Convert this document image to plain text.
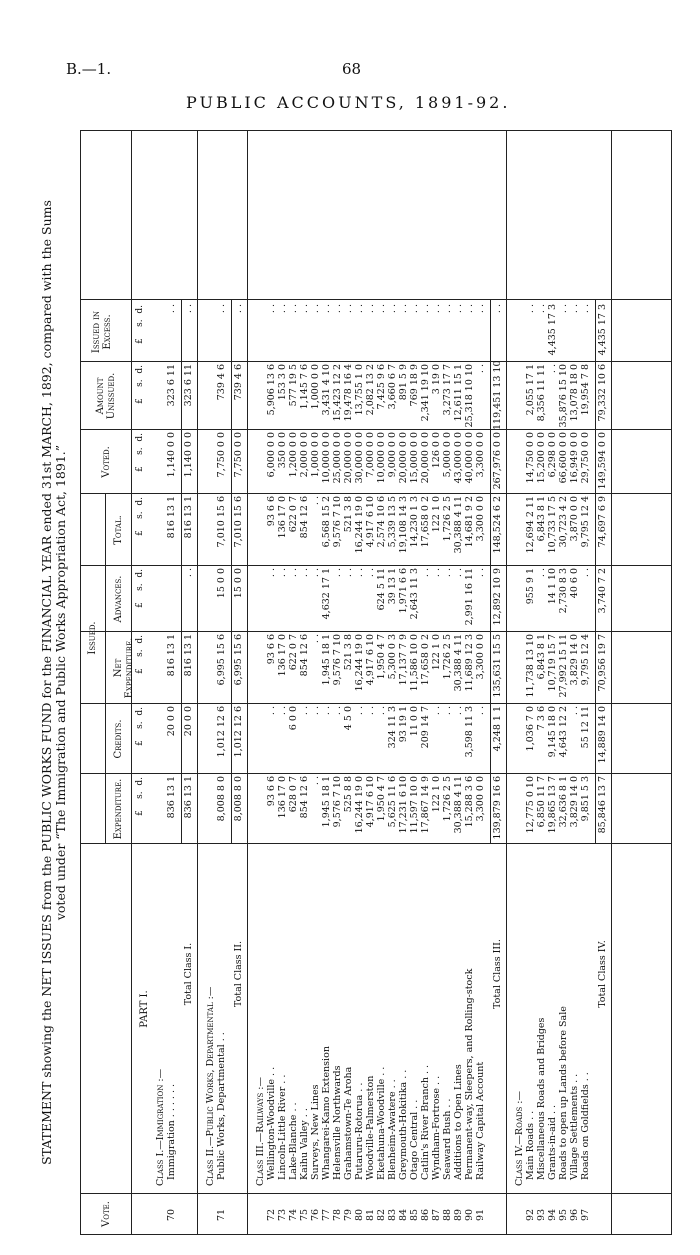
B.—1.	68
PUBLIC ACCOUNTS, 1891-92.
STATEMENT showing the NET ISSUES from the PUBLIC WORKS FUND for the FINANCIAL YEAR ended 31st MARCH, 1892, compared with the Sums voted under “The Immigration and Public Works Appropriation Act, 1891.”
Vote.
Issued.
Expenditure.
Credits.
Net Expenditure.
Advances.
Total.
Voted.
Amount Unissued.
Issued in Excess.
PART I.
£    s.  d.
£    s.  d.
£    s.  d.
£    s.  d.
£    s.  d.
£    s.  d.
£    s.  d.
£    s.  d.
Class I.—Immigration :—
70
Immigration . . . . . .
836 13 1
20 0 0
816 13 1
816 13 1
1,140 0 0
323 6 11
. .
Total Class I.
836 13 1
20 0 0
816 13 1
. .
816 13 1
1,140 0 0
323 6 11
. .
Class II.—Public Works, Departmental :—
71
Public Works, Departmental . .
8,008 8 0
1,012 12 6
6,995 15 6
15 0 0
7,010 15 6
7,750 0 0
739 4 6
. .
Total Class II.
8,008 8 0
1,012 12 6
6,995 15 6
15 0 0
7,010 15 6
7,750 0 0
739 4 6
. .
Class III.—Railways :—
72
Wellington-Woodville . .
93 6 6
. .
93 6 6
. .
93 6 6
6,000 0 0
5,906 13 6
. .
73
Lincoln-Little River . .
136 17 0
. .
136 17 0
. .
136 17 0
350 0 0
153 3 0
. .
74
Lake-Blanche . .
628 0 7
6 0 0
622 0 7
. .
622 0 7
1,200 0 0
577 19 5
. .
75
Kaihu Valley . .
854 12 6
. .
854 12 6
. .
854 12 6
2,000 0 0
1,145 7 6
. .
76
Surveys, New Lines
. .
. .
. .
. .
. .
1,000 0 0
1,000 0 0
. .
77
Whangarei-Kamo Extension
1,945 18 1
. .
1,945 18 1
4,632 17 1
6,568 15 2
10,000 0 0
3,431 4 10
. .
78
Helensville Northwards
9,576 7 10
. .
9,576 7 10
. .
9,576 7 10
25,000 0 0
15,423 12 2
. .
79
Grahamstown-Te Aroha
525 8 8
4 5 0
521 3 8
. .
521 3 8
20,000 0 0
19,478 16 4
. .
80
Putaruru-Rotorua . .
16,244 19 0
. .
16,244 19 0
. .
16,244 19 0
30,000 0 0
13,755 1 0
. .
81
Woodville-Palmerston
4,917 6 10
. .
4,917 6 10
. .
4,917 6 10
7,000 0 0
2,082 13 2
. .
82
Eketahuna-Woodville . .
1,950 4 7
. .
1,950 4 7
624 5 11
2,574 10 6
10,000 0 0
7,425 9 6
. .
83
Blenheim-Awatere . .
5,625 11 6
324 11 3
5,300 0 3
39 13 1
5,339 13 5
9,000 0 0
3,660 6 7
. .
84
Greymouth-Hokitika . .
17,231 6 10
93 19 1
17,137 7 9
1,971 6 6
19,108 14 3
20,000 0 0
891 5 9
. .
85
Otago Central . .
11,597 10 0
11 0 0
11,586 10 0
2,643 11 3
14,230 1 3
15,000 0 0
769 18 9
. .
86
Catlin's River Branch . .
17,867 14 9
209 14 7
17,658 0 2
. .
17,658 0 2
20,000 0 0
2,341 19 10
. .
87
Wyndham-Fortrose . .
122 1 0
. .
122 1 0
. .
122 1 0
126 0 0
3 19 0
. .
88
Seaward Bush . .
1,726 2 5
. .
1,726 2 5
. .
1,726 2 5
5,000 0 0
3,273 17 7
. .
89
Additions to Open Lines
30,388 4 11
. .
30,388 4 11
. .
30,388 4 11
43,000 0 0
12,611 15 1
. .
90
Permanent-way, Sleepers, and Rolling-stock
15,288 3 6
3,598 11 3
11,689 12 3
2,991 16 11
14,681 9 2
40,000 0 0
25,318 10 10
. .
91
Railway Capital Account
3,300 0 0
. .
3,300 0 0
. .
3,300 0 0
3,300 0 0
. .
. .
Total Class III.
139,879 16 6
4,248 1 1
135,631 15 5
12,892 10 9
148,524 6 2
267,976 0 0
119,451 13 10
. .
Class IV.—Roads :—
92
Main Roads . .
12,775 0 10
1,036 7 0
11,738 13 10
955 9 1
12,694 2 11
14,750 0 0
2,055 17 1
. .
93
Miscellaneous Roads and Bridges
6,850 11 7
7 3 6
6,843 8 1
. .
6,843 8 1
15,200 0 0
8,356 11 11
. .
94
Grants-in-aid . .
19,865 13 7
9,145 18 0
10,719 15 7
14 1 10
10,733 17 5
6,298 0 0
. .
4,435 17 3
95
Roads to open up Lands before Sale
32,636 8 1
4,643 12 2
27,992 15 11
2,730 8 3
30,723 4 2
66,600 0 0
35,876 15 10
. .
96
Village Settlements . .
3,829 14 0
. .
3,829 14 0
40 6 0
3,870 0 0
16,949 0 0
13,078 18 0
. .
97
Roads on Goldfields . .
9,851 5 3
55 12 11
9,795 12 4
. .
9,795 12 4
29,750 0 0
19,954 7 8
. .
Total Class IV.
85,846 13 7
14,889 14 0
70,956 19 7
3,740 7 2
74,697 6 9
149,594 0 0
79,332 10 6
4,435 17 3
